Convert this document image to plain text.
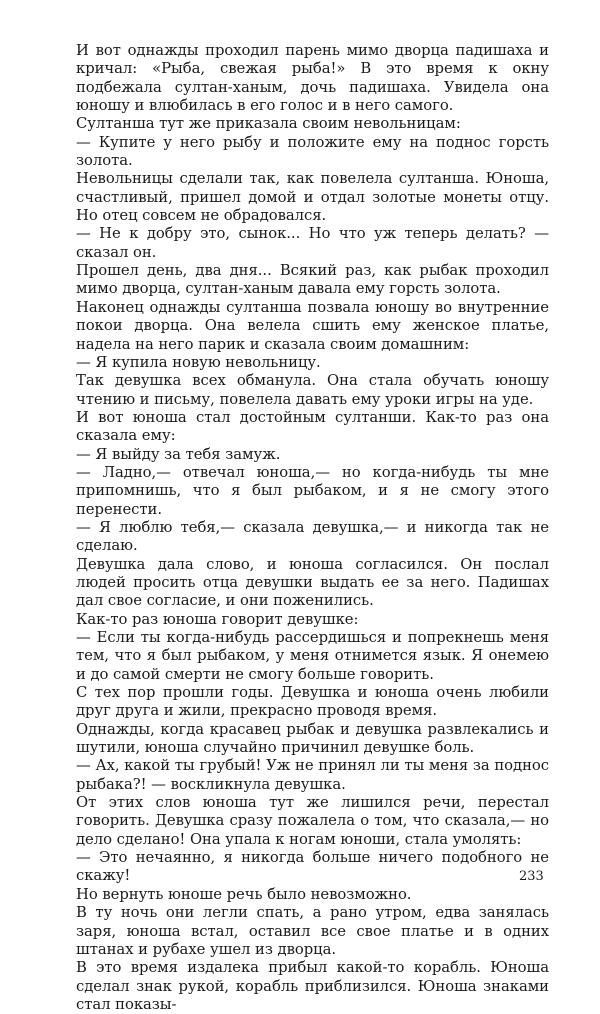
И вот однажды проходил парень мимо дворца падишаха и кричал: «Рыба, свежая рыба!» В это время к окну подбежала султан-ханым, дочь падишаха. Увидела она юношу и влюбилась в его голос и в него самого.

Султанша тут же приказала своим невольницам:

— Купите у него рыбу и положите ему на поднос горсть золота.

Невольницы сделали так, как повелела султанша. Юноша, счастливый, пришел домой и отдал золотые монеты отцу. Но отец совсем не обрадовался.

— Не к добру это, сынок... Но что уж теперь делать? — сказал он.

Прошел день, два дня... Всякий раз, как рыбак проходил мимо дворца, султан-ханым давала ему горсть золота.

Наконец однажды султанша позвала юношу во внутренние покои дворца. Она велела сшить ему женское платье, надела на него парик и сказала своим домашним:

— Я купила новую невольницу.

Так девушка всех обманула. Она стала обучать юношу чтению и письму, повелела давать ему уроки игры на уде.

И вот юноша стал достойным султанши. Как-то раз она сказала ему:

— Я выйду за тебя замуж.

— Ладно,— отвечал юноша,— но когда-нибудь ты мне припомнишь, что я был рыбаком, и я не смогу этого перенести.

— Я люблю тебя,— сказала девушка,— и никогда так не сделаю.

Девушка дала слово, и юноша согласился. Он послал людей просить отца девушки выдать ее за него. Падишах дал свое согласие, и они поженились.

Как-то раз юноша говорит девушке:

— Если ты когда-нибудь рассердишься и попрекнешь меня тем, что я был рыбаком, у меня отнимется язык. Я онемею и до самой смерти не смогу больше говорить.

С тех пор прошли годы. Девушка и юноша очень любили друг друга и жили, прекрасно проводя время.

Однажды, когда красавец рыбак и девушка развлекались и шутили, юноша случайно причинил девушке боль.

— Ах, какой ты грубый! Уж не принял ли ты меня за поднос рыбака?! — воскликнула девушка.

От этих слов юноша тут же лишился речи, перестал говорить. Девушка сразу пожалела о том, что сказала,— но дело сделано! Она упала к ногам юноши, стала умолять:

— Это нечаянно, я никогда больше ничего подобного не скажу!

Но вернуть юноше речь было невозможно.

В ту ночь они легли спать, а рано утром, едва занялась заря, юноша встал, оставил все свое платье и в одних штанах и рубахе ушел из дворца.

В это время издалека прибыл какой-то корабль. Юноша сделал знак рукой, корабль приблизился. Юноша знаками стал показы-

233
